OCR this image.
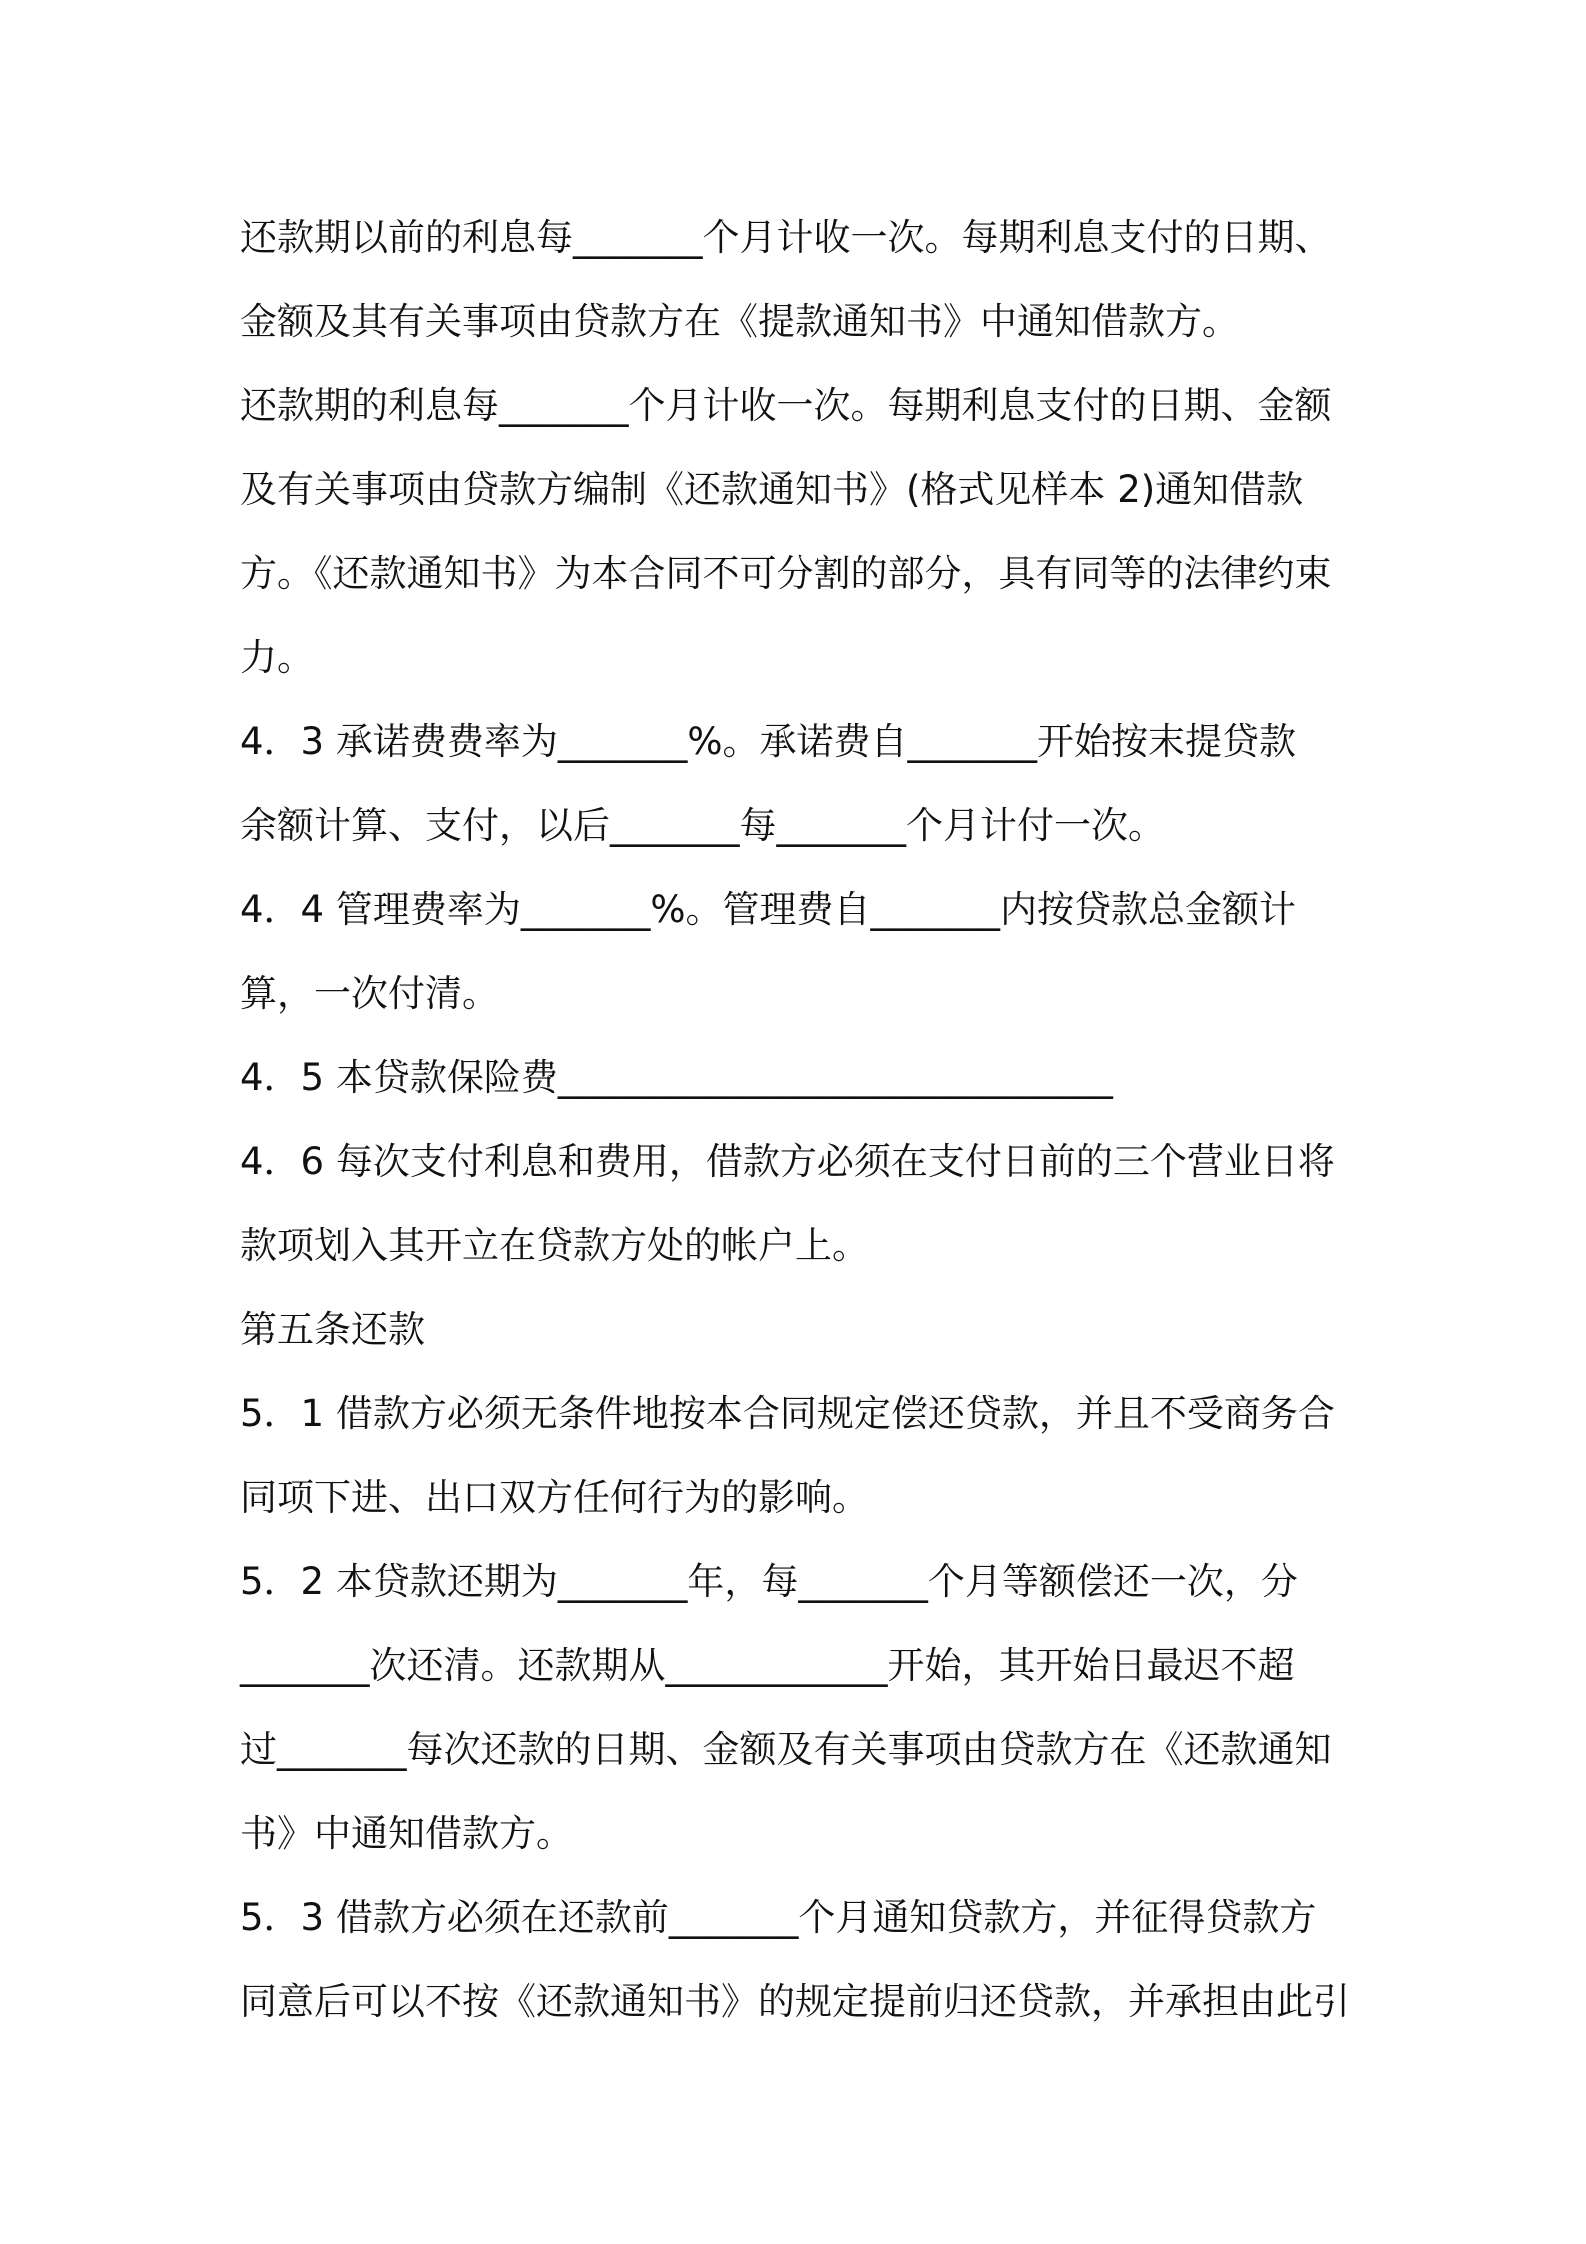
还款期以前的利息每_______个月计收一次。每期利息支付的日期、
金额及其有关事项由贷款方在《提款通知书》中通知借款方。
还款期的利息每_______个月计收一次。每期利息支付的日期、金额
及有关事项由贷款方编制《还款通知书》(格式见样本 2)通知借款
方。《还款通知书》为本合同不可分割的部分，具有同等的法律约束
力。
4．3 承诺费费率为_______%。承诺费自_______开始按末提贷款
余额计算、支付，以后_______每_______个月计付一次。
4．4 管理费率为_______%。管理费自_______内按贷款总金额计
算，一次付清。
4．5 本贷款保险费______________________________
4．6 每次支付利息和费用，借款方必须在支付日前的三个营业日将
款项划入其开立在贷款方处的帐户上。
第五条还款
5．1 借款方必须无条件地按本合同规定偿还贷款，并且不受商务合
同项下进、出口双方任何行为的影响。
5．2 本贷款还期为_______年，每_______个月等额偿还一次，分
_______次还清。还款期从____________开始，其开始日最迟不超
过_______每次还款的日期、金额及有关事项由贷款方在《还款通知
书》中通知借款方。
5．3 借款方必须在还款前_______个月通知贷款方，并征得贷款方
同意后可以不按《还款通知书》的规定提前归还贷款，并承担由此引
